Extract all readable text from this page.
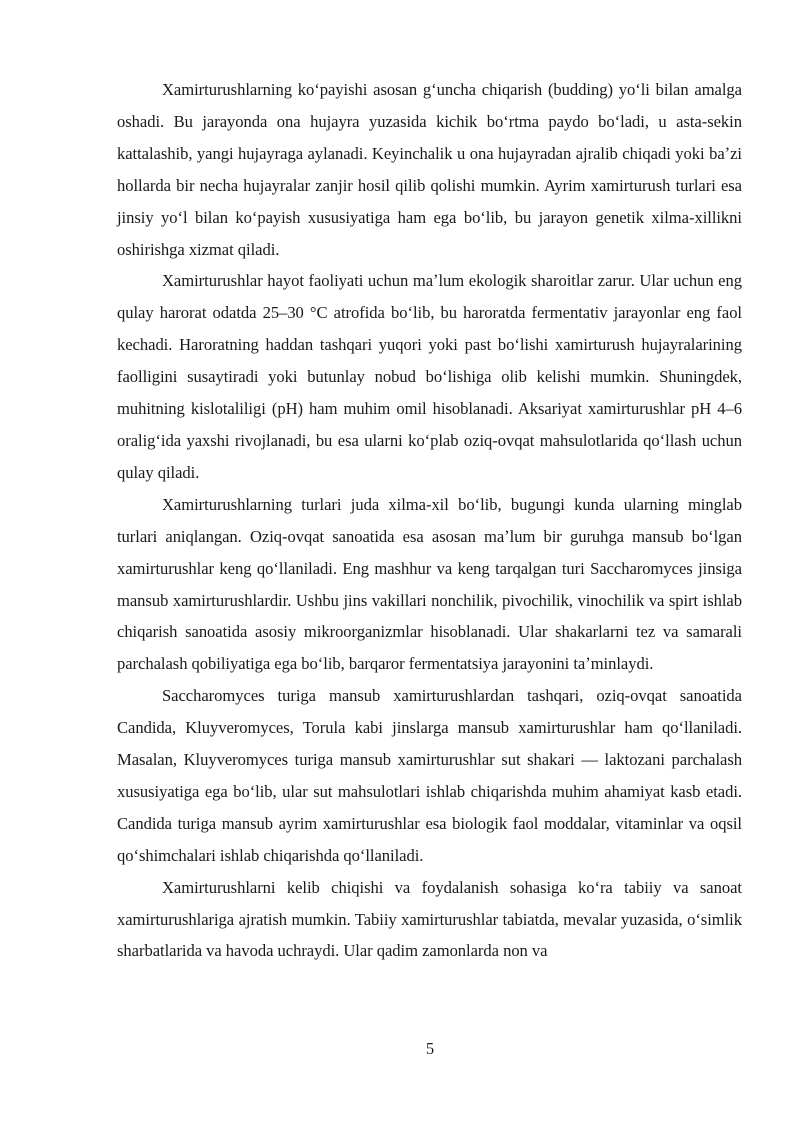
Xamirturushlarning koʻpayishi asosan gʻuncha chiqarish (budding) yoʻli bilan amalga oshadi. Bu jarayonda ona hujayra yuzasida kichik boʻrtma paydo boʻladi, u asta-sekin kattalashib, yangi hujayraga aylanadi. Keyinchalik u ona hujayradan ajralib chiqadi yoki baʼzi hollarda bir necha hujayralar zanjir hosil qilib qolishi mumkin. Ayrim xamirturush turlari esa jinsiy yoʻl bilan koʻpayish xususiyatiga ham ega boʻlib, bu jarayon genetik xilma-xillikni oshirishga xizmat qiladi.

Xamirturushlar hayot faoliyati uchun maʼlum ekologik sharoitlar zarur. Ular uchun eng qulay harorat odatda 25–30 °C atrofida boʻlib, bu haroratda fermentativ jarayonlar eng faol kechadi. Haroratning haddan tashqari yuqori yoki past boʻlishi xamirturush hujayralarining faolligini susaytiradi yoki butunlay nobud boʻlishiga olib kelishi mumkin. Shuningdek, muhitning kislotaliligi (pH) ham muhim omil hisoblanadi. Aksariyat xamirturushlar pH 4–6 oraligʻida yaxshi rivojlanadi, bu esa ularni koʻplab oziq-ovqat mahsulotlarida qoʻllash uchun qulay qiladi.

Xamirturushlarning turlari juda xilma-xil boʻlib, bugungi kunda ularning minglab turlari aniqlangan. Oziq-ovqat sanoatida esa asosan maʼlum bir guruhga mansub boʻlgan xamirturushlar keng qoʻllaniladi. Eng mashhur va keng tarqalgan turi Saccharomyces jinsiga mansub xamirturushlardir. Ushbu jins vakillari nonchilik, pivochilik, vinochilik va spirt ishlab chiqarish sanoatida asosiy mikroorganizmlar hisoblanadi. Ular shakarlarni tez va samarali parchalash qobiliyatiga ega boʻlib, barqaror fermentatsiya jarayonini taʼminlaydi.

Saccharomyces turiga mansub xamirturushlardan tashqari, oziq-ovqat sanoatida Candida, Kluyveromyces, Torula kabi jinslarga mansub xamirturushlar ham qoʻllaniladi. Masalan, Kluyveromyces turiga mansub xamirturushlar sut shakari — laktozani parchalash xususiyatiga ega boʻlib, ular sut mahsulotlari ishlab chiqarishda muhim ahamiyat kasb etadi. Candida turiga mansub ayrim xamirturushlar esa biologik faol moddalar, vitaminlar va oqsil qoʻshimchalari ishlab chiqarishda qoʻllaniladi.

Xamirturushlarni kelib chiqishi va foydalanish sohasiga koʻra tabiiy va sanoat xamirturushlariga ajratish mumkin. Tabiiy xamirturushlar tabiatda, mevalar yuzasida, oʻsimlik sharbatlarida va havoda uchraydi. Ular qadim zamonlarda non va

5
